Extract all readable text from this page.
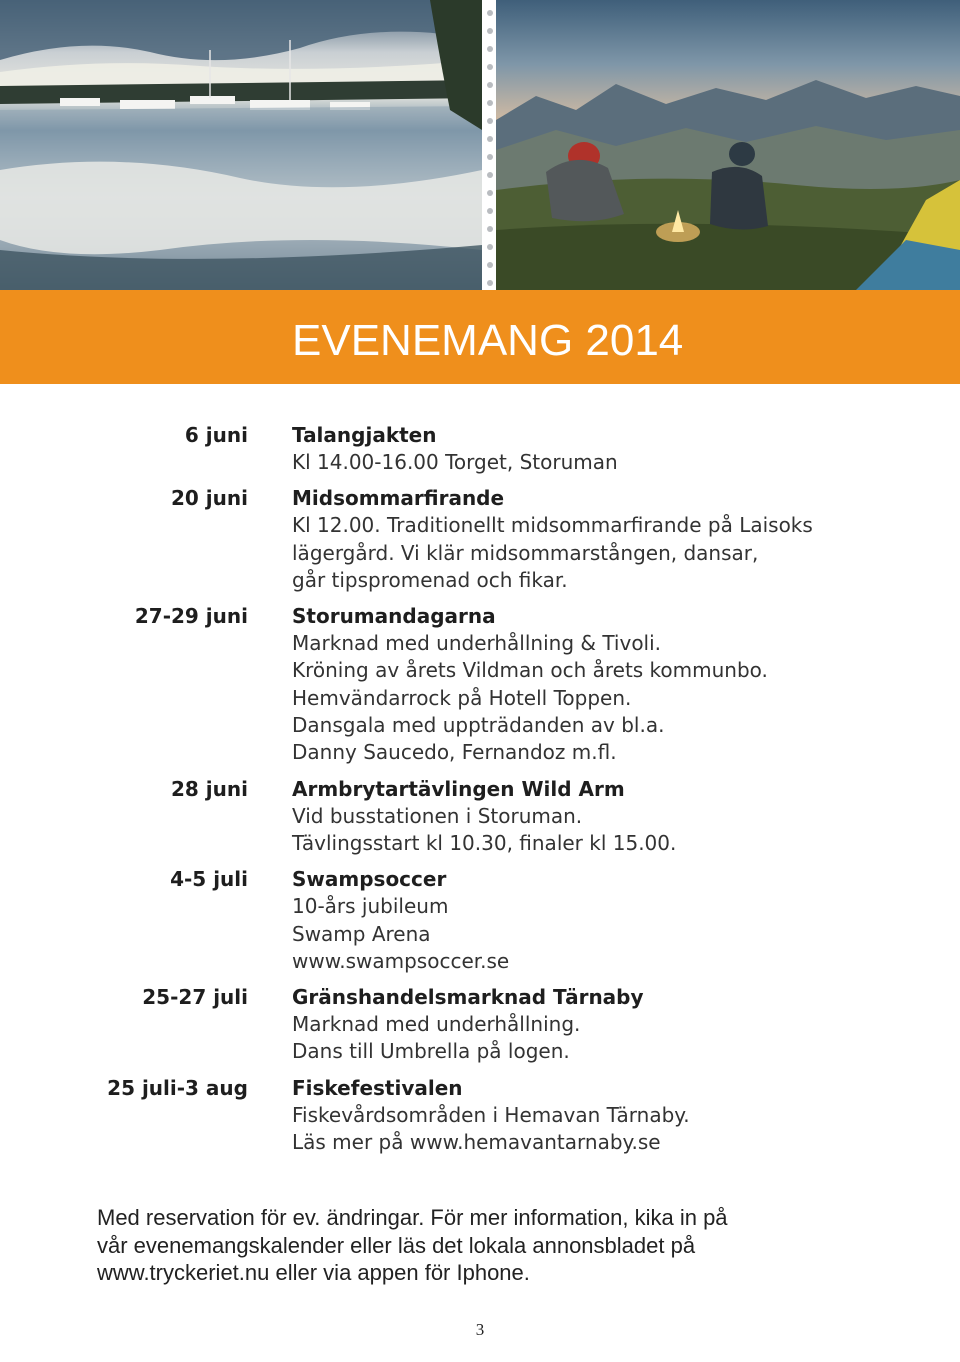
EVENEMANG 2014
6 juni Talangjakten
Kl 14.00-16.00 Torget, Storuman
20 juni Midsommarfirande
Kl 12.00. Traditionellt midsommarfirande på Laisoks
lägergård. Vi klär midsommarstången, dansar,
går tipspromenad och fikar.
27-29 juni Storumandagarna
Marknad med underhållning & Tivoli.
Kröning av årets Vildman och årets kommunbo.
Hemvändarrock på Hotell Toppen.
Dansgala med uppträdanden av bl.a.
Danny Saucedo, Fernandoz m.fl.
28 juni Armbrytartävlingen Wild Arm
Vid busstationen i Storuman.
Tävlingsstart kl 10.30, finaler kl 15.00.
4-5 juli Swampsoccer
10-års jubileum
Swamp Arena
www.swampsoccer.se
25-27 juli Gränshandelsmarknad Tärnaby
Marknad med underhållning.
Dans till Umbrella på logen.
25 juli-3 aug Fiskefestivalen
Fiskevårdsområden i Hemavan Tärnaby.
Läs mer på www.hemavantarnaby.se
Med reservation för ev. ändringar. För mer information, kika in på
vår evenemangskalender eller läs det lokala annonsbladet på
www.tryckeriet.nu eller via appen för Iphone.
3
